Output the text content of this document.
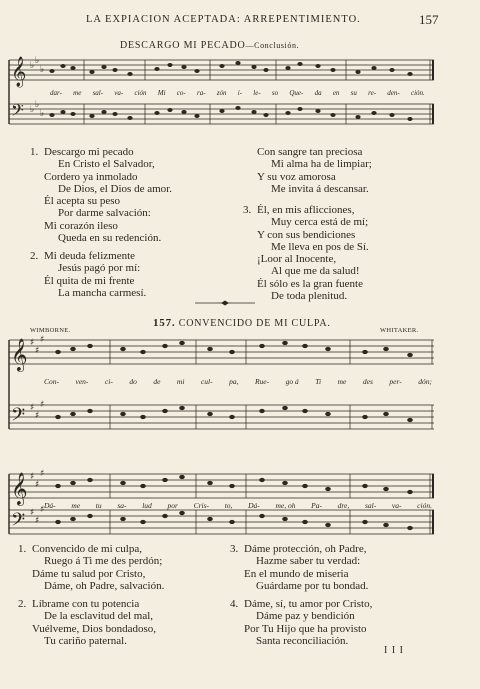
LA EXPIACION ACEPTADA: ARREPENTIMIENTO.	157
DESCARGO MI PECADO—Conclusión.
𝄞
𝄢
♭ ♭
♭
♭ ♭
♭
dar- me sal- va- ción Mi co- ra- zón i- le- so Que- da en su re- den- ción.
1. Descargo mi pecado
En Cristo el Salvador,
Cordero ya inmolado
De Dios, el Dios de amor.
Él acepta su peso
Por darme salvación:
Mi corazón ileso
Queda en su redención.
2. Mi deuda felizmente
Jesús pagó por mí:
Él quita de mi frente
La mancha carmesí.
Con sangre tan preciosa
Mi alma ha de limpiar;
Y su voz amorosa
Me invita á descansar.
3. Él, en mis aflicciones,
Muy cerca está de mí;
Y con sus bendiciones
Me lleva en pos de Sí.
¡Loor al Inocente,
Al que me da salud!
Él sólo es la gran fuente
De toda plenitud.
157. CONVENCIDO DE MI CULPA.
WIMBORNE.	WHITAKER.
𝄞
𝄢
𝄞
𝄢
♯
♯
♯
♯
♯
♯
♯
♯
♯
♯
♯
♯
Con- ven- ci- do de mi cul- pa, Rue- go á Ti me des per- dón;
Dá- me tu sa- lud por Cris- to, Dá- me, oh Pa- dre, sal- va- ción.
1. Convencido de mi culpa,
Ruego á Ti me des perdón;
Dáme tu salud por Cristo,
Dáme, oh Padre, salvación.
2. Líbrame con tu potencia
De la esclavitud del mal,
Vuélveme, Dios bondadoso,
Tu cariño paternal.
3. Dáme protección, oh Padre,
Hazme saber tu verdad:
En el mundo de miseria
Guárdame por tu bondad.
4. Dáme, sí, tu amor por Cristo,
Dáme paz y bendición
Por Tu Hijo que ha provisto
Santa reconciliación.
I I I
